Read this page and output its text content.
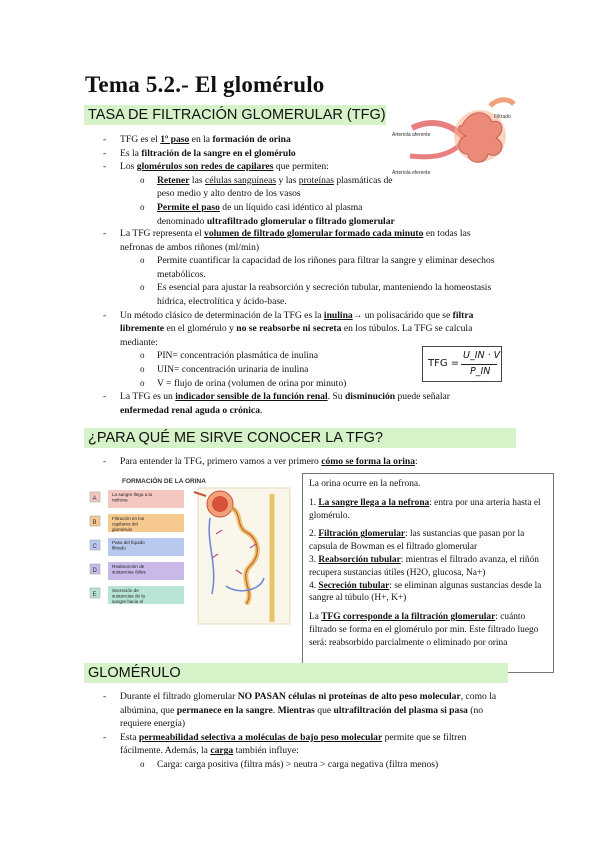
Tema 5.2.- El glomérulo
TASA DE FILTRACIÓN GLOMERULAR (TFG)
Arteriola aferente
Arteriola eferente
Filtrado
- TFG es el 1º paso en la formación de orina
- Es la filtración de la sangre en el glomérulo
- Los glomérulos son redes de capilares que permiten:
o Retener las células sanguíneas y las proteínas plasmáticas de peso medio y alto dentro de los vasos
o Permite el paso de un líquido casi idéntico al plasma denominado ultrafiltrado glomerular o filtrado glomerular
- La TFG representa el volumen de filtrado glomerular formado cada minuto en todas las nefronas de ambos riñones (ml/min)
o Permite cuantificar la capacidad de los riñones para filtrar la sangre y eliminar desechos metabólicos.
o Es esencial para ajustar la reabsorción y secreción tubular, manteniendo la homeostasis hídrica, electrolítica y ácido-base.
- Un método clásico de determinación de la TFG es la inulina→ un polisacárido que se filtra libremente en el glomérulo y no se reabsorbe ni secreta en los túbulos. La TFG se calcula mediante:
o PIN= concentración plasmática de inulina
o UIN= concentración urinaria de inulina
o V = flujo de orina (volumen de orina por minuto)
- La TFG es un indicador sensible de la función renal. Su disminución puede señalar enfermedad renal aguda o crónica.
TFG =
U_IN · V
P_IN
¿PARA QUÉ ME SIRVE CONOCER LA TFG?
- Para entender la TFG, primero vamos a ver primero cómo se forma la orina:
FORMACIÓN DE LA ORINA
A
La sangre llega a la
nefrona
B
Filtración en los
capilares del
glomérulo
C
Paso del líquido
filtrado
D
Reabsorción de
sustancias útiles
E
Secreción de
sustancias de la
sangre hacia el

La orina ocurre en la nefrona.

1. La sangre llega a la nefrona: entra por una arteria hasta el glomérulo.

2. Filtración glomerular: las sustancias que pasan por la capsula de Bowman es el filtrado glomerular

3. Reabsorción tubular: mientras el filtrado avanza, el riñón recupera sustancias útiles (H2O, glucosa, Na+)

4. Secreción tubular: se eliminan algunas sustancias desde la sangre al túbulo (H+, K+)

La TFG corresponde a la filtración glomerular: cuánto filtrado se forma en el glomérulo por min. Este filtrado luego será: reabsorbido parcialmente o eliminado por orina

GLOMÉRULO
- Durante el filtrado glomerular NO PASAN células ni proteínas de alto peso molecular, como la albúmina, que permanece en la sangre. Mientras que ultrafiltración del plasma si pasa (no requiere energía)
- Esta permeabilidad selectiva a moléculas de bajo peso molecular permite que se filtren fácilmente. Además, la carga también influye:
o Carga: carga positiva (filtra más) > neutra > carga negativa (filtra menos)
